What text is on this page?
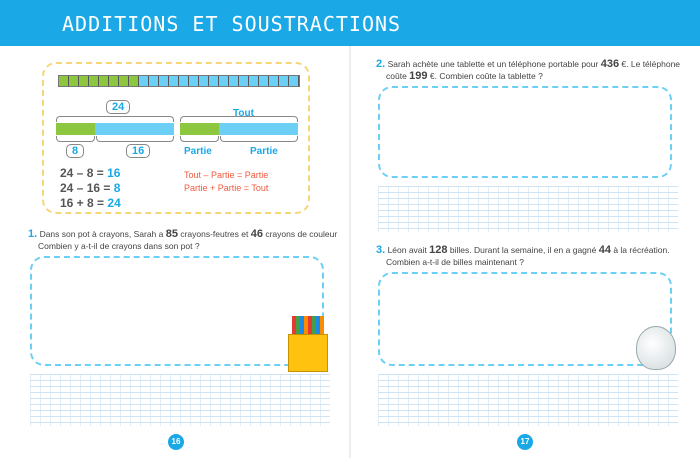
ADDITIONS ET SOUSTRACTIONS
24
8	16
Tout
Partie	Partie
24 – 8 = 16
24 – 16 = 8
16 + 8 = 24
Tout – Partie = Partie
Partie + Partie = Tout
1. Dans son pot à crayons, Sarah a 85 crayons-feutres et 46 crayons de couleur
Combien y a-t-il de crayons dans son pot ?
2. Sarah achète une tablette et un téléphone portable pour 436 €. Le téléphone
coûte 199 €. Combien coûte la tablette ?
3. Léon avait 128 billes. Durant la semaine, il en a gagné 44 à la récréation.
Combien a-t-il de billes maintenant ?
16	17
